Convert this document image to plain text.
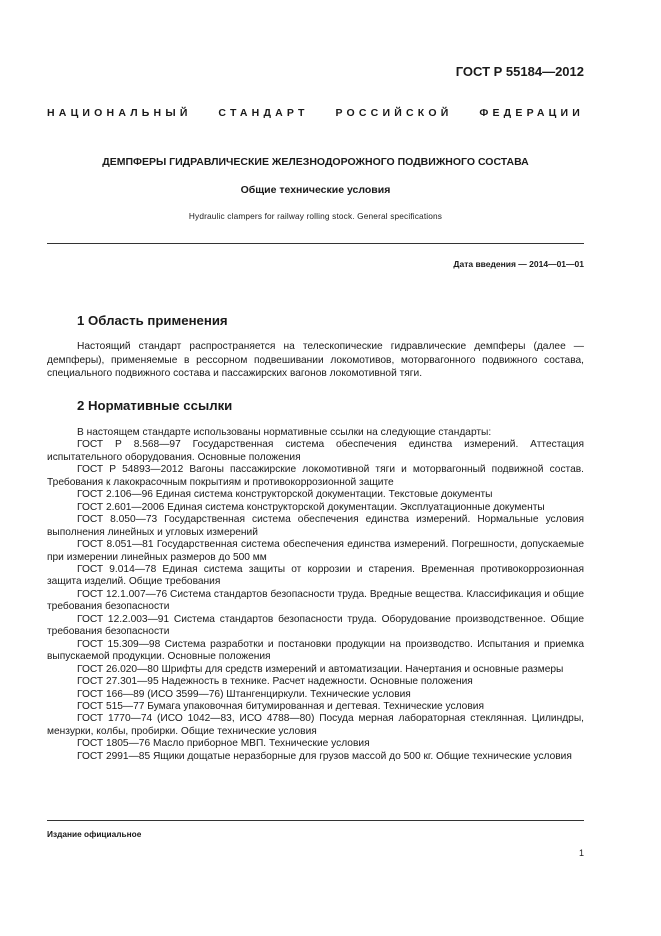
ГОСТ Р 55184—2012
НАЦИОНАЛЬНЫЙ СТАНДАРТ РОССИЙСКОЙ ФЕДЕРАЦИИ
ДЕМПФЕРЫ ГИДРАВЛИЧЕСКИЕ ЖЕЛЕЗНОДОРОЖНОГО ПОДВИЖНОГО СОСТАВА
Общие технические условия
Hydraulic clampers for railway rolling stock. General specifications
Дата введения — 2014—01—01
1 Область применения

Настоящий стандарт распространяется на телескопические гидравлические демпферы (далее — демпферы), применяемые в рессорном подвешивании локомотивов, моторвагонного подвижного состава, специального подвижного состава и пассажирских вагонов локомотивной тяги.

2 Нормативные ссылки
В настоящем стандарте использованы нормативные ссылки на следующие стандарты:
ГОСТ Р 8.568—97 Государственная система обеспечения единства измерений. Аттестация испытательного оборудования. Основные положения
ГОСТ Р 54893—2012 Вагоны пассажирские локомотивной тяги и моторвагонный подвижной состав. Требования к лакокрасочным покрытиям и противокоррозионной защите
ГОСТ 2.106—96 Единая система конструкторской документации. Текстовые документы
ГОСТ 2.601—2006 Единая система конструкторской документации. Эксплуатационные документы
ГОСТ 8.050—73 Государственная система обеспечения единства измерений. Нормальные условия выполнения линейных и угловых измерений
ГОСТ 8.051—81 Государственная система обеспечения единства измерений. Погрешности, допускаемые при измерении линейных размеров до 500 мм
ГОСТ 9.014—78 Единая система защиты от коррозии и старения. Временная противокоррозионная защита изделий. Общие требования
ГОСТ 12.1.007—76 Система стандартов безопасности труда. Вредные вещества. Классификация и общие требования безопасности
ГОСТ 12.2.003—91 Система стандартов безопасности труда. Оборудование производственное. Общие требования безопасности
ГОСТ 15.309—98 Система разработки и постановки продукции на производство. Испытания и приемка выпускаемой продукции. Основные положения
ГОСТ 26.020—80 Шрифты для средств измерений и автоматизации. Начертания и основные размеры
ГОСТ 27.301—95 Надежность в технике. Расчет надежности. Основные положения
ГОСТ 166—89 (ИСО 3599—76) Штангенциркули. Технические условия
ГОСТ 515—77 Бумага упаковочная битумированная и дегтевая. Технические условия
ГОСТ 1770—74 (ИСО 1042—83, ИСО 4788—80) Посуда мерная лабораторная стеклянная. Цилиндры, мензурки, колбы, пробирки. Общие технические условия
ГОСТ 1805—76 Масло приборное МВП. Технические условия
ГОСТ 2991—85 Ящики дощатые неразборные для грузов массой до 500 кг. Общие технические условия
Издание официальное
1
